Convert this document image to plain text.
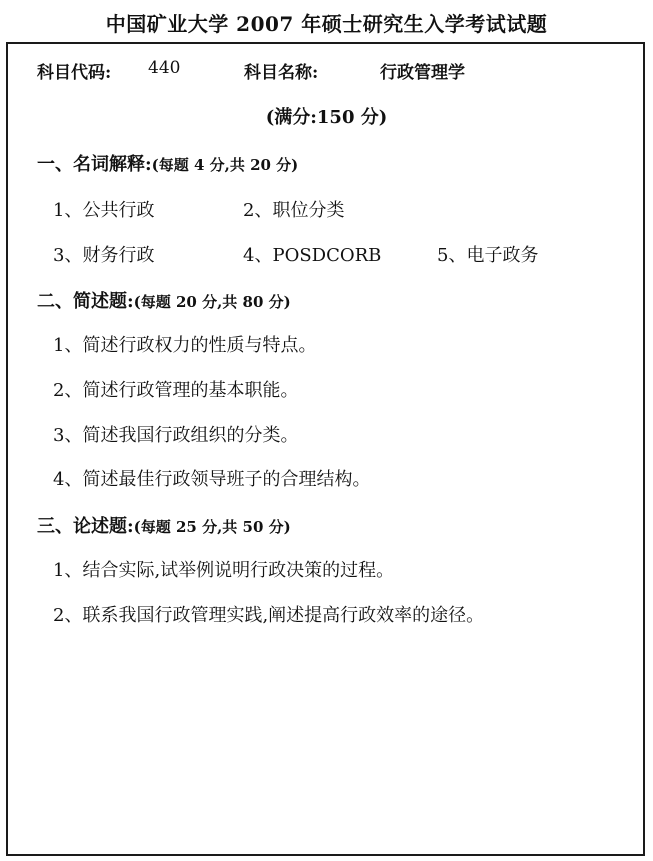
中国矿业大学 2007 年硕士研究生入学考试试题
科目代码: 440	科目名称:	行政管理学
(满分:150 分)
一、名词解释:(每题 4 分,共 20 分)
1、公共行政	2、职位分类
3、财务行政	4、POSDCORB	5、电子政务
二、简述题:(每题 20 分,共 80 分)
1、简述行政权力的性质与特点。
2、简述行政管理的基本职能。
3、简述我国行政组织的分类。
4、简述最佳行政领导班子的合理结构。
三、论述题:(每题 25 分,共 50 分)
1、结合实际,试举例说明行政决策的过程。
2、联系我国行政管理实践,阐述提高行政效率的途径。
